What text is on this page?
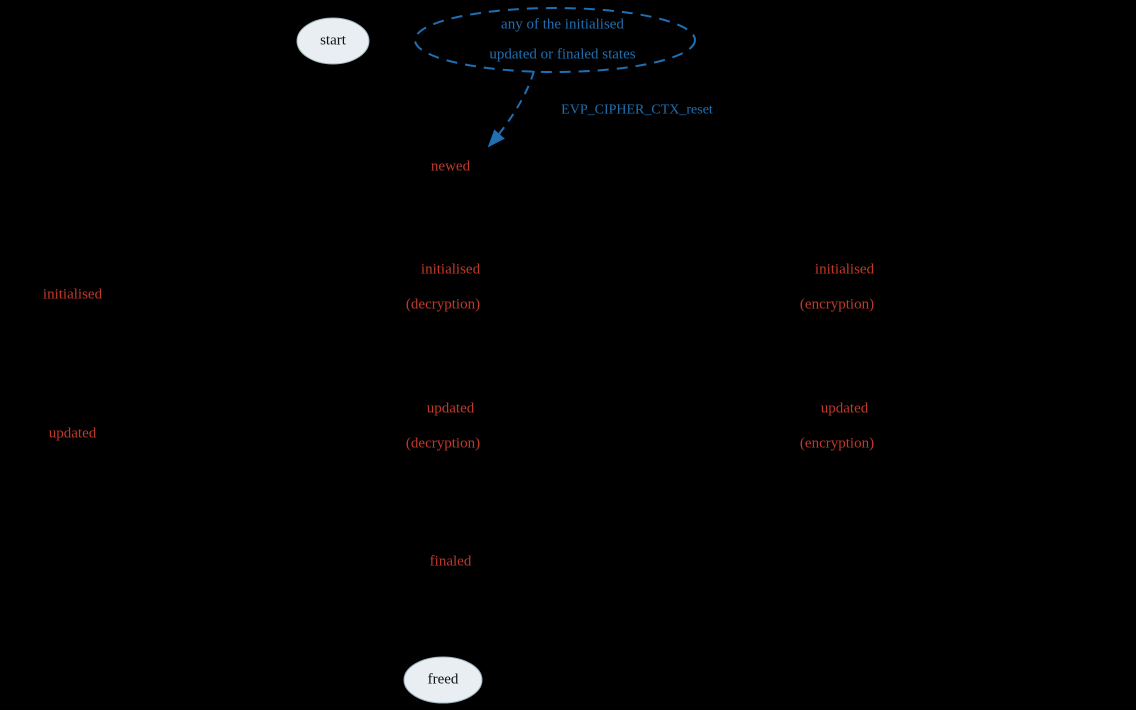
any of the initialised

updated or finaled states

EVP_CIPHER_CTX_reset
start
freed

newed

initialised

initialised

(decryption)

initialised

(encryption)

updated

updated

(decryption)

updated

(encryption)

finaled
